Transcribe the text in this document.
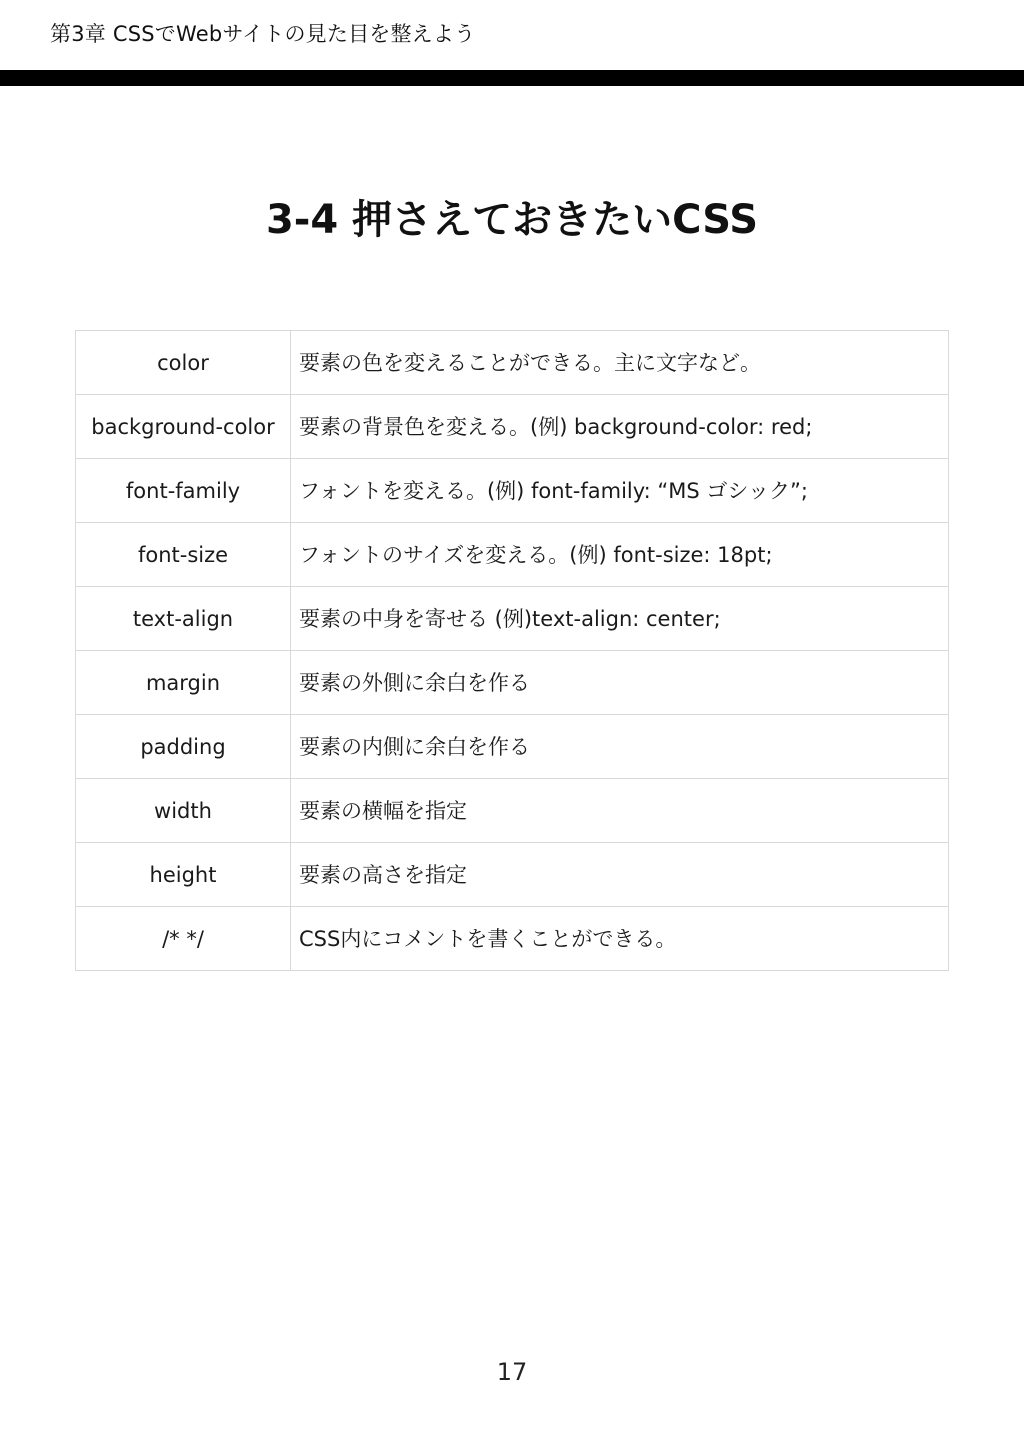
第3章 CSSでWebサイトの見た目を整えよう
3-4 押さえておきたいCSS
color	要素の色を変えることができる。主に文字など。
background-color	要素の背景色を変える。(例) background-color: red;
font-family	フォントを変える。(例) font-family: “MS ゴシック”;
font-size	フォントのサイズを変える。(例) font-size: 18pt;
text-align	要素の中身を寄せる (例)text-align: center;
margin	要素の外側に余白を作る
padding	要素の内側に余白を作る
width	要素の横幅を指定
height	要素の高さを指定
/* */	CSS内にコメントを書くことができる。
17
